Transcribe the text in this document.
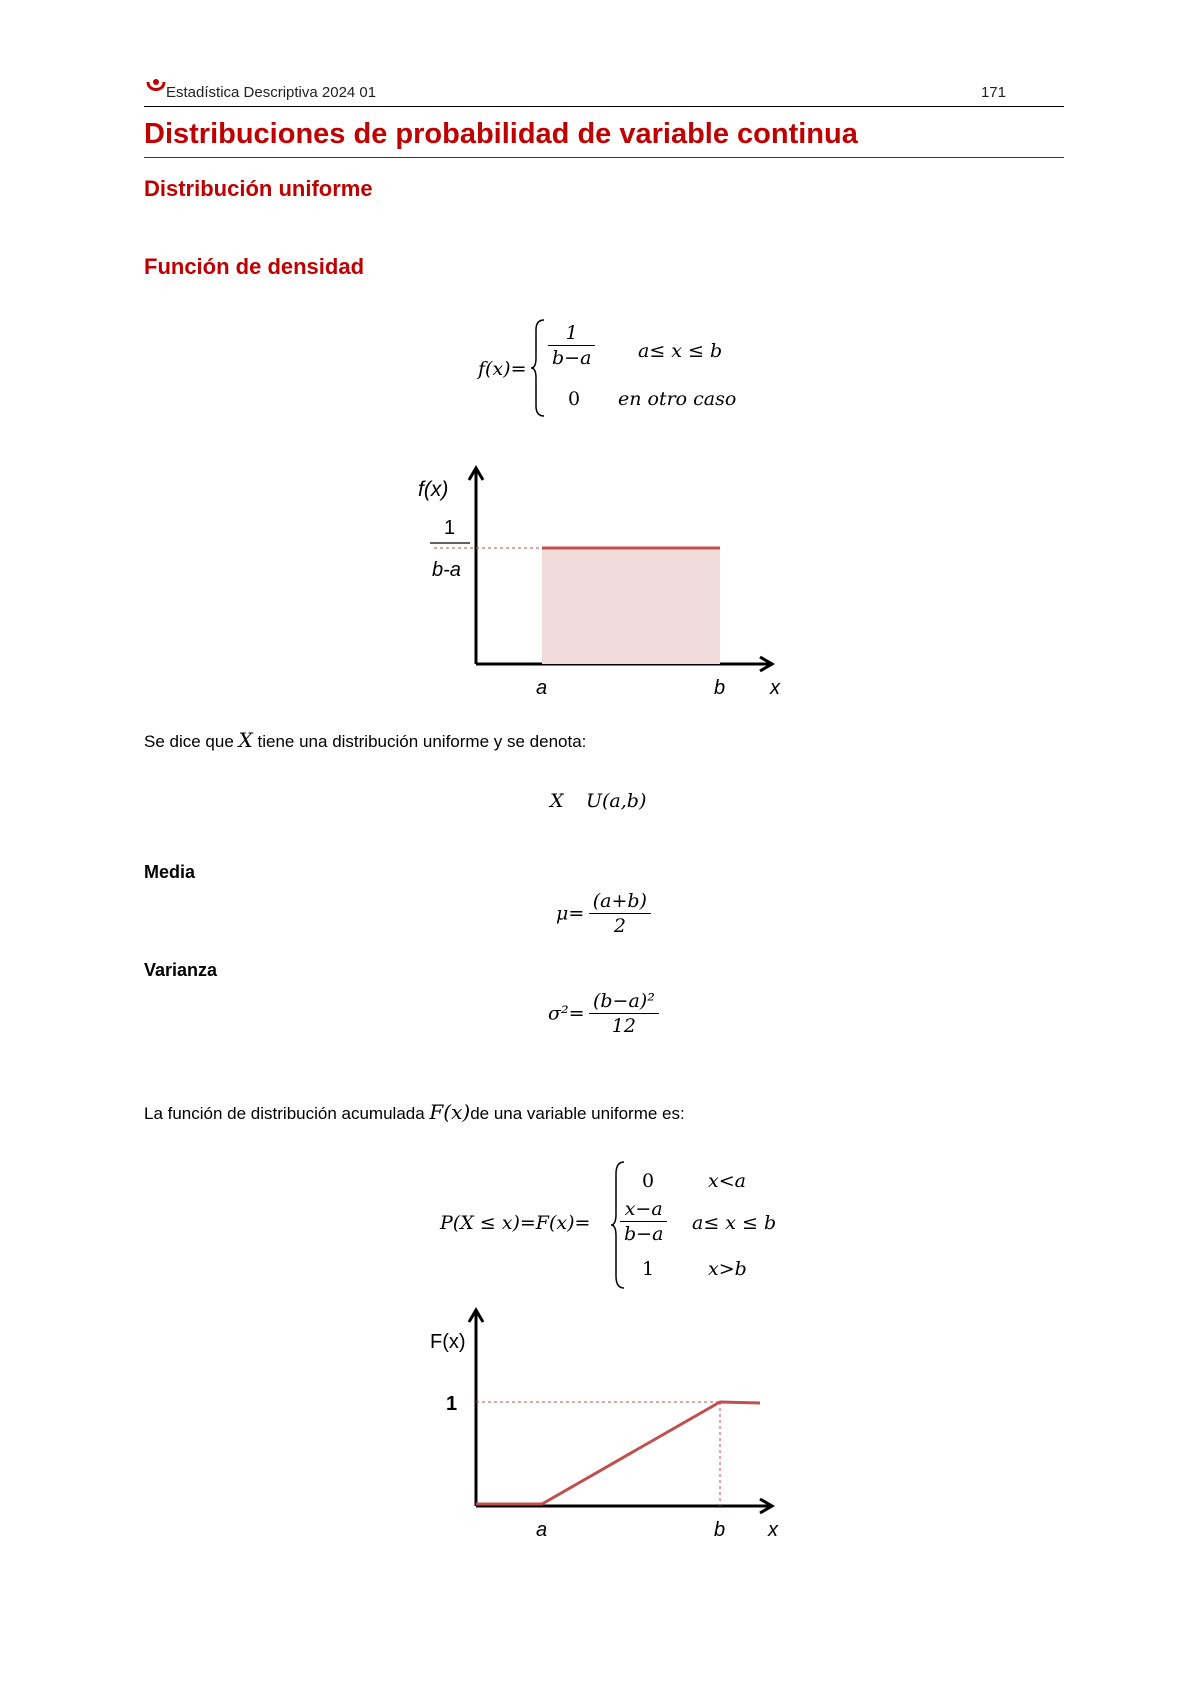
Estadística Descriptiva 2024 01	171
Distribuciones de probabilidad de variable continua
Distribución uniforme
Función de densidad
$f(x)= \frac{1}{b-a} a\le x \le b$
0 en otro caso
f(x)
1
b-a
a	b x
Se dice que X tiene una distribución uniforme y se denota:
X U(a,b)
Media
$\mu= \frac{(a+b)}{2}$
Varianza
$\sigma^2= \frac{\text{(b−a)²}}{12}$
La función de distribución acumulada F(x)de una variable uniforme es:
P(X ≤ x)=F(x)=
0	x<a
$\frac{x-a}{b-a} a\le x \le b$
1	x>b
F(x)
1
a	b x
